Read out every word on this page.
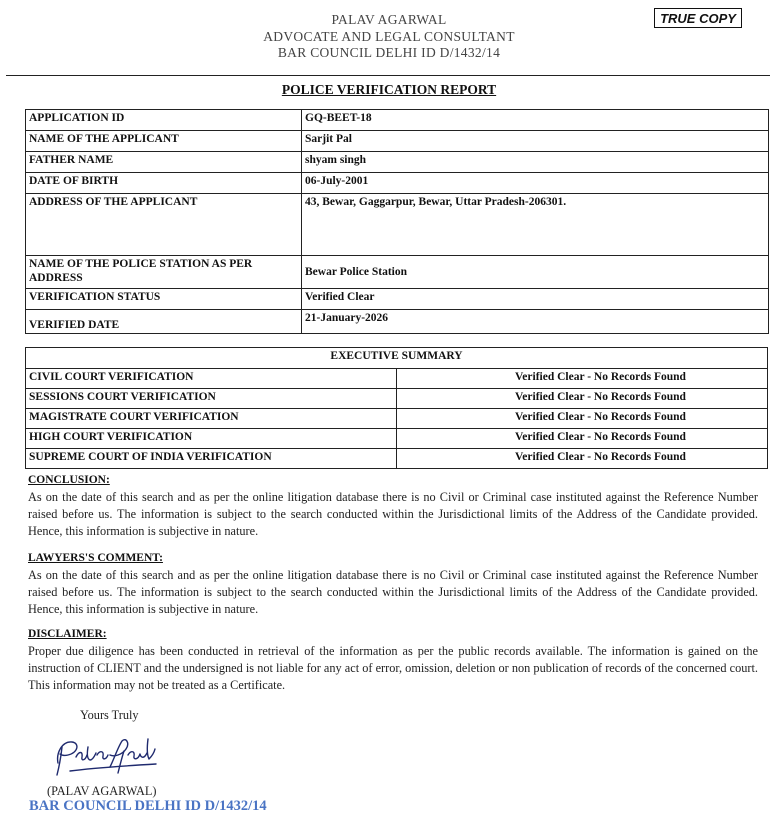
PALAV AGARWAL
ADVOCATE AND LEGAL CONSULTANT
BAR COUNCIL DELHI ID D/1432/14
TRUE COPY
POLICE VERIFICATION REPORT
APPLICATION ID	GQ-BEET-18
NAME OF THE APPLICANT	Sarjit Pal
FATHER NAME	shyam singh
DATE OF BIRTH	06-July-2001
ADDRESS OF THE APPLICANT	43, Bewar, Gaggarpur, Bewar, Uttar Pradesh-206301.
NAME OF THE POLICE STATION AS PER ADDRESS	Bewar Police Station
VERIFICATION STATUS	Verified Clear
VERIFIED DATE	21-January-2026
EXECUTIVE SUMMARY	
CIVIL COURT VERIFICATION	Verified Clear - No Records Found
SESSIONS COURT VERIFICATION	Verified Clear - No Records Found
MAGISTRATE COURT VERIFICATION	Verified Clear - No Records Found
HIGH COURT VERIFICATION	Verified Clear - No Records Found
SUPREME COURT OF INDIA VERIFICATION	Verified Clear - No Records Found
CONCLUSION:
As on the date of this search and as per the online litigation database there is no Civil or Criminal case instituted against the Reference Number raised before us. The information is subject to the search conducted within the Jurisdictional limits of the Address of the Candidate provided. Hence, this information is subjective in nature.
LAWYERS'S COMMENT:
As on the date of this search and as per the online litigation database there is no Civil or Criminal case instituted against the Reference Number raised before us. The information is subject to the search conducted within the Jurisdictional limits of the Address of the Candidate provided. Hence, this information is subjective in nature.
DISCLAIMER:
Proper due diligence has been conducted in retrieval of the information as per the public records available. The information is gained on the instruction of CLIENT and the undersigned is not liable for any act of error, omission, deletion or non publication of records of the concerned court. This information may not be treated as a Certificate.
Yours Truly
(PALAV AGARWAL)
BAR COUNCIL DELHI ID D/1432/14
